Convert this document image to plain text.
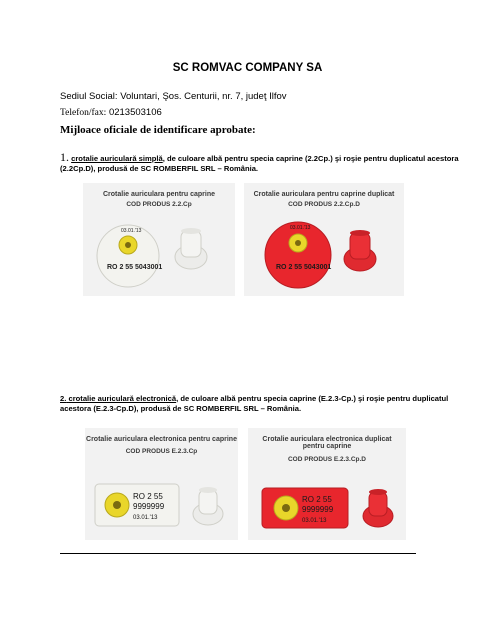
SC ROMVAC COMPANY SA
Sediul Social: Voluntari, Şos. Centurii, nr. 7, judeţ Ilfov
Telefon/fax: 0213503106
Mijloace oficiale de identificare aprobate:
1. crotalie auriculară simplă, de culoare albă pentru specia caprine (2.2Cp.) şi roşie pentru duplicatul acestora (2.2Cp.D), produsă de SC ROMBERFIL SRL – România.
Crotalie auriculara pentru caprine
COD PRODUS 2.2.Cp
RO 2 55 5043001
03.01.'13
Crotalie auriculara pentru caprine duplicat
COD PRODUS 2.2.Cp.D
RO 2 55 5043001
03.01.'13
2. crotalie auriculară electronică, de culoare albă pentru specia caprine (E.2.3-Cp.) şi roşie pentru duplicatul acestora (E.2.3-Cp.D), produsă de SC ROMBERFIL SRL – România.
Crotalie auriculara electronica pentru caprine
COD PRODUS E.2.3.Cp
RO 2 55
9999999
03.01.'13
Crotalie auriculara electronica duplicat pentru caprine
COD PRODUS E.2.3.Cp.D
RO 2 55
9999999
03.01.'13
